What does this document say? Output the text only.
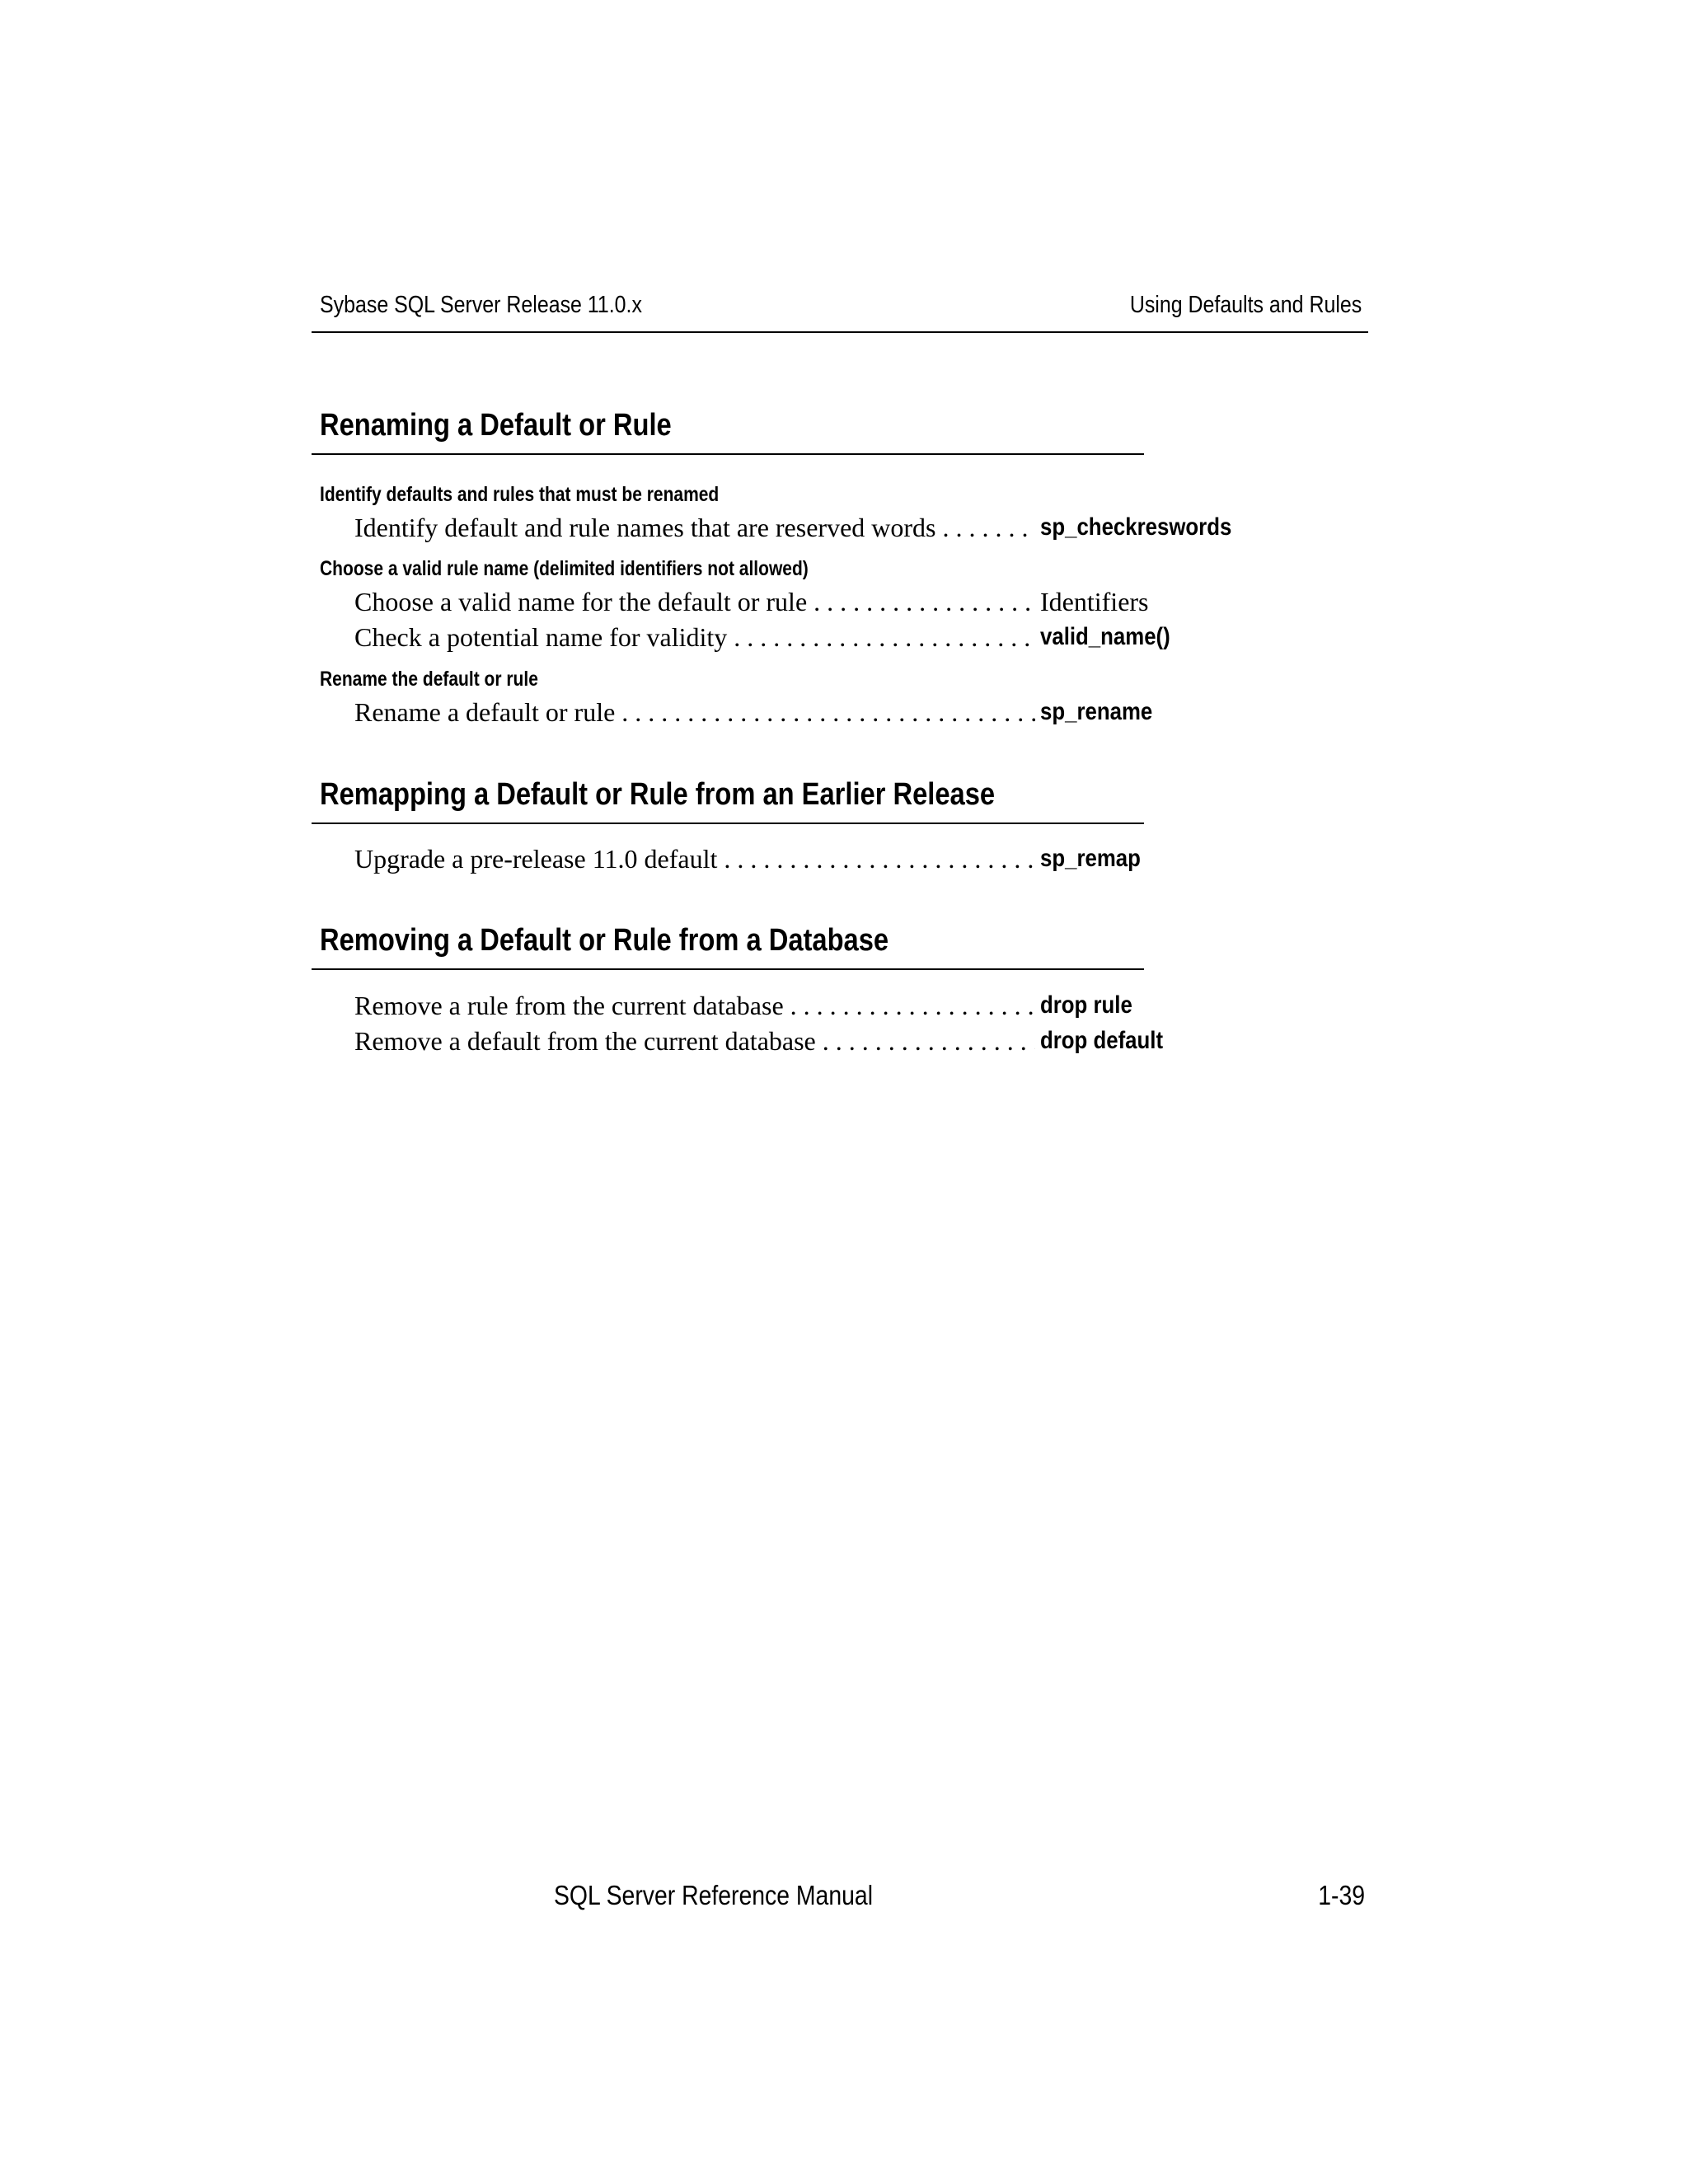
Sybase SQL Server Release 11.0.x	Using Defaults and Rules
Renaming a Default or Rule
Identify defaults and rules that must be renamed
Identify default and rule names that are reserved words . . .	sp_checkreswords
Choose a valid rule name (delimited identifiers not allowed)
Choose a valid name for the default or rule . . .	Identifiers
Check a potential name for validity . . .	valid_name()
Rename the default or rule
Rename a default or rule . . .	sp_rename
Remapping a Default or Rule from an Earlier Release
Upgrade a pre-release 11.0 default . . .	sp_remap
Removing a Default or Rule from a Database
Remove a rule from the current database . . .	drop rule
Remove a default from the current database . . .	drop default
SQL Server Reference Manual	1-39
